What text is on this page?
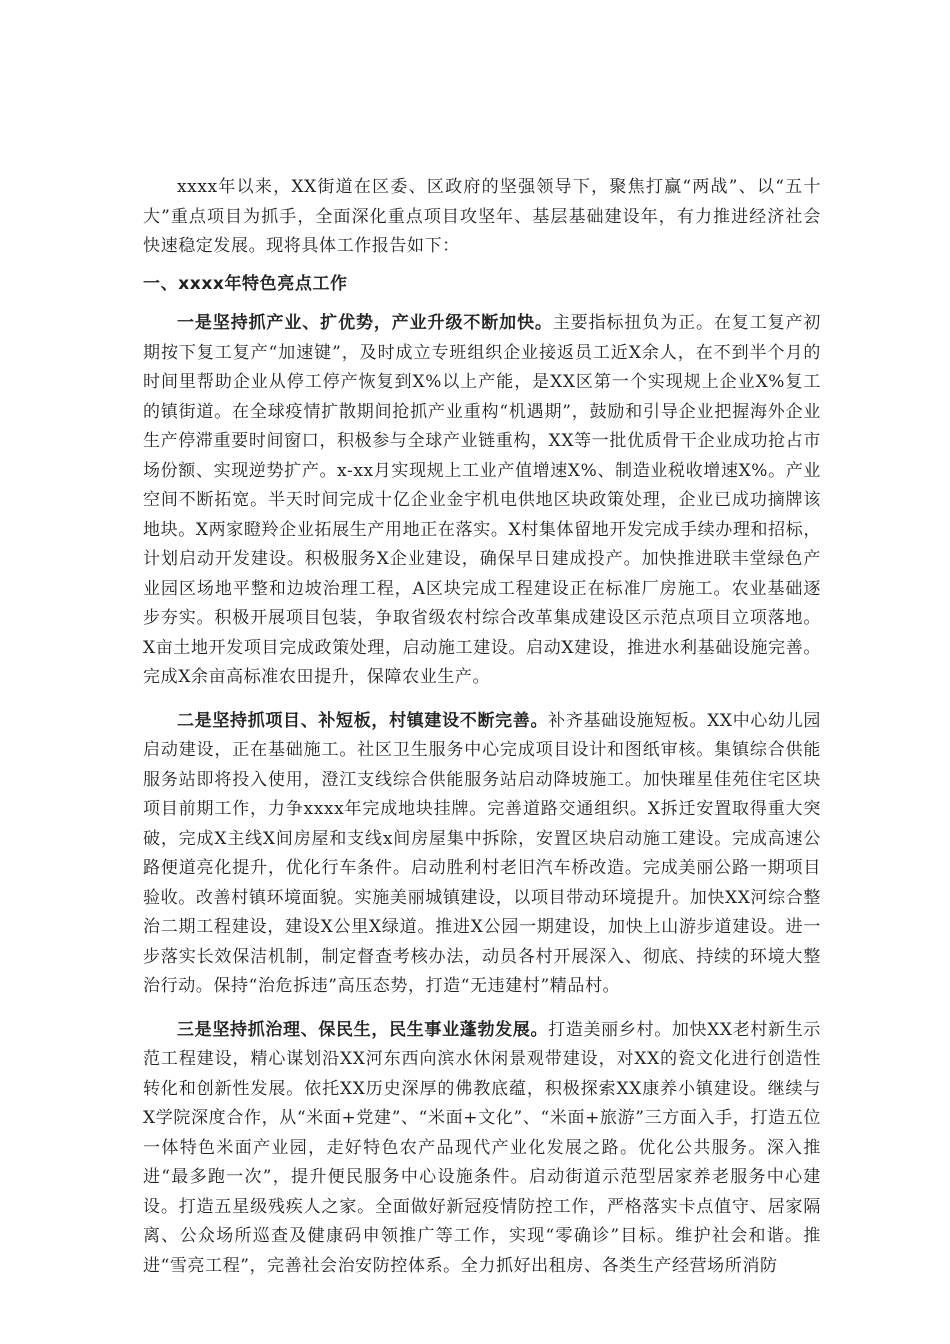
xxxx年以来，XX街道在区委、区政府的坚强领导下，聚焦打赢“两战”、以“五十大”重点项目为抓手，全面深化重点项目攻坚年、基层基础建设年，有力推进经济社会快速稳定发展。现将具体工作报告如下：

一、xxxx年特色亮点工作

一是坚持抓产业、扩优势，产业升级不断加快。主要指标扭负为正。在复工复产初期按下复工复产“加速键”，及时成立专班组织企业接返员工近X余人，在不到半个月的时间里帮助企业从停工停产恢复到X%以上产能，是XX区第一个实现规上企业X%复工的镇街道。在全球疫情扩散期间抢抓产业重构“机遇期”，鼓励和引导企业把握海外企业生产停滞重要时间窗口，积极参与全球产业链重构，XX等一批优质骨干企业成功抢占市场份额、实现逆势扩产。x-xx月实现规上工业产值增速X%、制造业税收增速X%。产业空间不断拓宽。半天时间完成十亿企业金宇机电供地区块政策处理，企业已成功摘牌该地块。X两家瞪羚企业拓展生产用地正在落实。X村集体留地开发完成手续办理和招标，计划启动开发建设。积极服务X企业建设，确保早日建成投产。加快推进联丰堂绿色产业园区场地平整和边坡治理工程，A区块完成工程建设正在标准厂房施工。农业基础逐步夯实。积极开展项目包装，争取省级农村综合改革集成建设区示范点项目立项落地。X亩土地开发项目完成政策处理，启动施工建设。启动X建设，推进水利基础设施完善。完成X余亩高标准农田提升，保障农业生产。

二是坚持抓项目、补短板，村镇建设不断完善。补齐基础设施短板。XX中心幼儿园启动建设，正在基础施工。社区卫生服务中心完成项目设计和图纸审核。集镇综合供能服务站即将投入使用，澄江支线综合供能服务站启动降坡施工。加快璀星佳苑住宅区块项目前期工作，力争xxxx年完成地块挂牌。完善道路交通组织。X拆迁安置取得重大突破，完成X主线X间房屋和支线x间房屋集中拆除，安置区块启动施工建设。完成高速公路便道亮化提升，优化行车条件。启动胜利村老旧汽车桥改造。完成美丽公路一期项目验收。改善村镇环境面貌。实施美丽城镇建设，以项目带动环境提升。加快XX河综合整治二期工程建设，建设X公里X绿道。推进X公园一期建设，加快上山游步道建设。进一步落实长效保洁机制，制定督查考核办法，动员各村开展深入、彻底、持续的环境大整治行动。保持“治危拆违”高压态势，打造“无违建村”精品村。

三是坚持抓治理、保民生，民生事业蓬勃发展。打造美丽乡村。加快XX老村新生示范工程建设，精心谋划沿XX河东西向滨水休闲景观带建设，对XX的瓷文化进行创造性转化和创新性发展。依托XX历史深厚的佛教底蕴，积极探索XX康养小镇建设。继续与X学院深度合作，从“米面+党建”、“米面+文化”、“米面+旅游”三方面入手，打造五位一体特色米面产业园，走好特色农产品现代产业化发展之路。优化公共服务。深入推进“最多跑一次”，提升便民服务中心设施条件。启动街道示范型居家养老服务中心建设。打造五星级残疾人之家。全面做好新冠疫情防控工作，严格落实卡点值守、居家隔离、公众场所巡查及健康码申领推广等工作，实现“零确诊”目标。维护社会和谐。推进“雪亮工程”，完善社会治安防控体系。全力抓好出租房、各类生产经营场所消防
